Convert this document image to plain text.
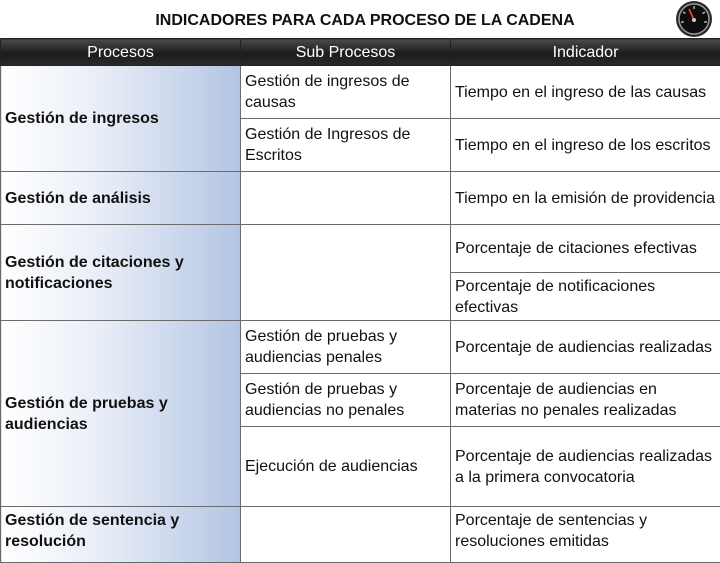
INDICADORES PARA CADA PROCESO DE LA CADENA
Procesos	Sub Procesos	Indicador
Gestión de ingresos	Gestión de ingresos de causas	Tiempo en el ingreso de las causas
	Gestión de Ingresos de Escritos	Tiempo en el ingreso de los escritos
Gestión de análisis		Tiempo en la emisión de providencia
Gestión de citaciones y notificaciones		Porcentaje de citaciones efectivas
		Porcentaje de notificaciones efectivas
Gestión de pruebas y audiencias	Gestión de pruebas y audiencias penales	Porcentaje de audiencias realizadas
	Gestión de pruebas y audiencias no penales	Porcentaje de audiencias en materias no penales realizadas
	Ejecución de audiencias	Porcentaje de audiencias realizadas a la primera convocatoria
Gestión de sentencia y resolución		Porcentaje de sentencias y resoluciones emitidas
